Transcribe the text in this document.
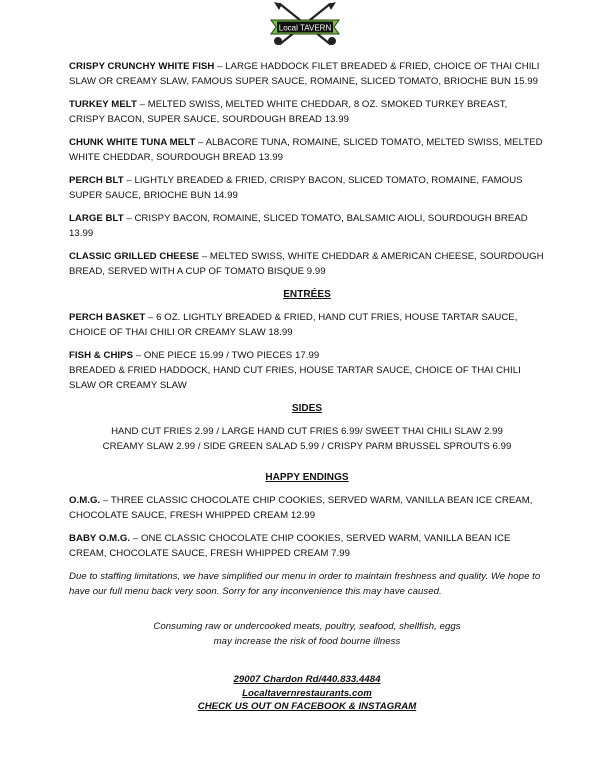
Local TAVERN
CRISPY CRUNCHY WHITE FISH – LARGE HADDOCK FILET BREADED & FRIED, CHOICE OF THAI CHILI SLAW OR CREAMY SLAW, FAMOUS SUPER SAUCE, ROMAINE, SLICED TOMATO, BRIOCHE BUN 15.99
TURKEY MELT – MELTED SWISS, MELTED WHITE CHEDDAR, 8 OZ. SMOKED TURKEY BREAST, CRISPY BACON, SUPER SAUCE, SOURDOUGH BREAD 13.99
CHUNK WHITE TUNA MELT – ALBACORE TUNA, ROMAINE, SLICED TOMATO, MELTED SWISS, MELTED WHITE CHEDDAR, SOURDOUGH BREAD 13.99
PERCH BLT – LIGHTLY BREADED & FRIED, CRISPY BACON, SLICED TOMATO, ROMAINE, FAMOUS SUPER SAUCE, BRIOCHE BUN 14.99
LARGE BLT – CRISPY BACON, ROMAINE, SLICED TOMATO, BALSAMIC AIOLI, SOURDOUGH BREAD 13.99
CLASSIC GRILLED CHEESE – MELTED SWISS, WHITE CHEDDAR & AMERICAN CHEESE, SOURDOUGH BREAD, SERVED WITH A CUP OF TOMATO BISQUE 9.99
ENTRÉES
PERCH BASKET – 6 OZ. LIGHTLY BREADED & FRIED, HAND CUT FRIES, HOUSE TARTAR SAUCE, CHOICE OF THAI CHILI OR CREAMY SLAW 18.99
FISH & CHIPS – ONE PIECE 15.99 / TWO PIECES 17.99
BREADED & FRIED HADDOCK, HAND CUT FRIES, HOUSE TARTAR SAUCE, CHOICE OF THAI CHILI SLAW OR CREAMY SLAW
SIDES
HAND CUT FRIES 2.99 / LARGE HAND CUT FRIES 6.99/ SWEET THAI CHILI SLAW 2.99
CREAMY SLAW 2.99 / SIDE GREEN SALAD 5.99 / CRISPY PARM BRUSSEL SPROUTS 6.99
HAPPY ENDINGS
O.M.G. – THREE CLASSIC CHOCOLATE CHIP COOKIES, SERVED WARM, VANILLA BEAN ICE CREAM, CHOCOLATE SAUCE, FRESH WHIPPED CREAM 12.99
BABY O.M.G. – ONE CLASSIC CHOCOLATE CHIP COOKIES, SERVED WARM, VANILLA BEAN ICE CREAM, CHOCOLATE SAUCE, FRESH WHIPPED CREAM 7.99
Due to staffing limitations, we have simplified our menu in order to maintain freshness and quality. We hope to have our full menu back very soon. Sorry for any inconvenience this may have caused.
Consuming raw or undercooked meats, poultry, seafood, shellfish, eggs
may increase the risk of food bourne illness
29007 Chardon Rd/440.833.4484
Localtavernrestaurants.com
CHECK US OUT ON FACEBOOK & INSTAGRAM
